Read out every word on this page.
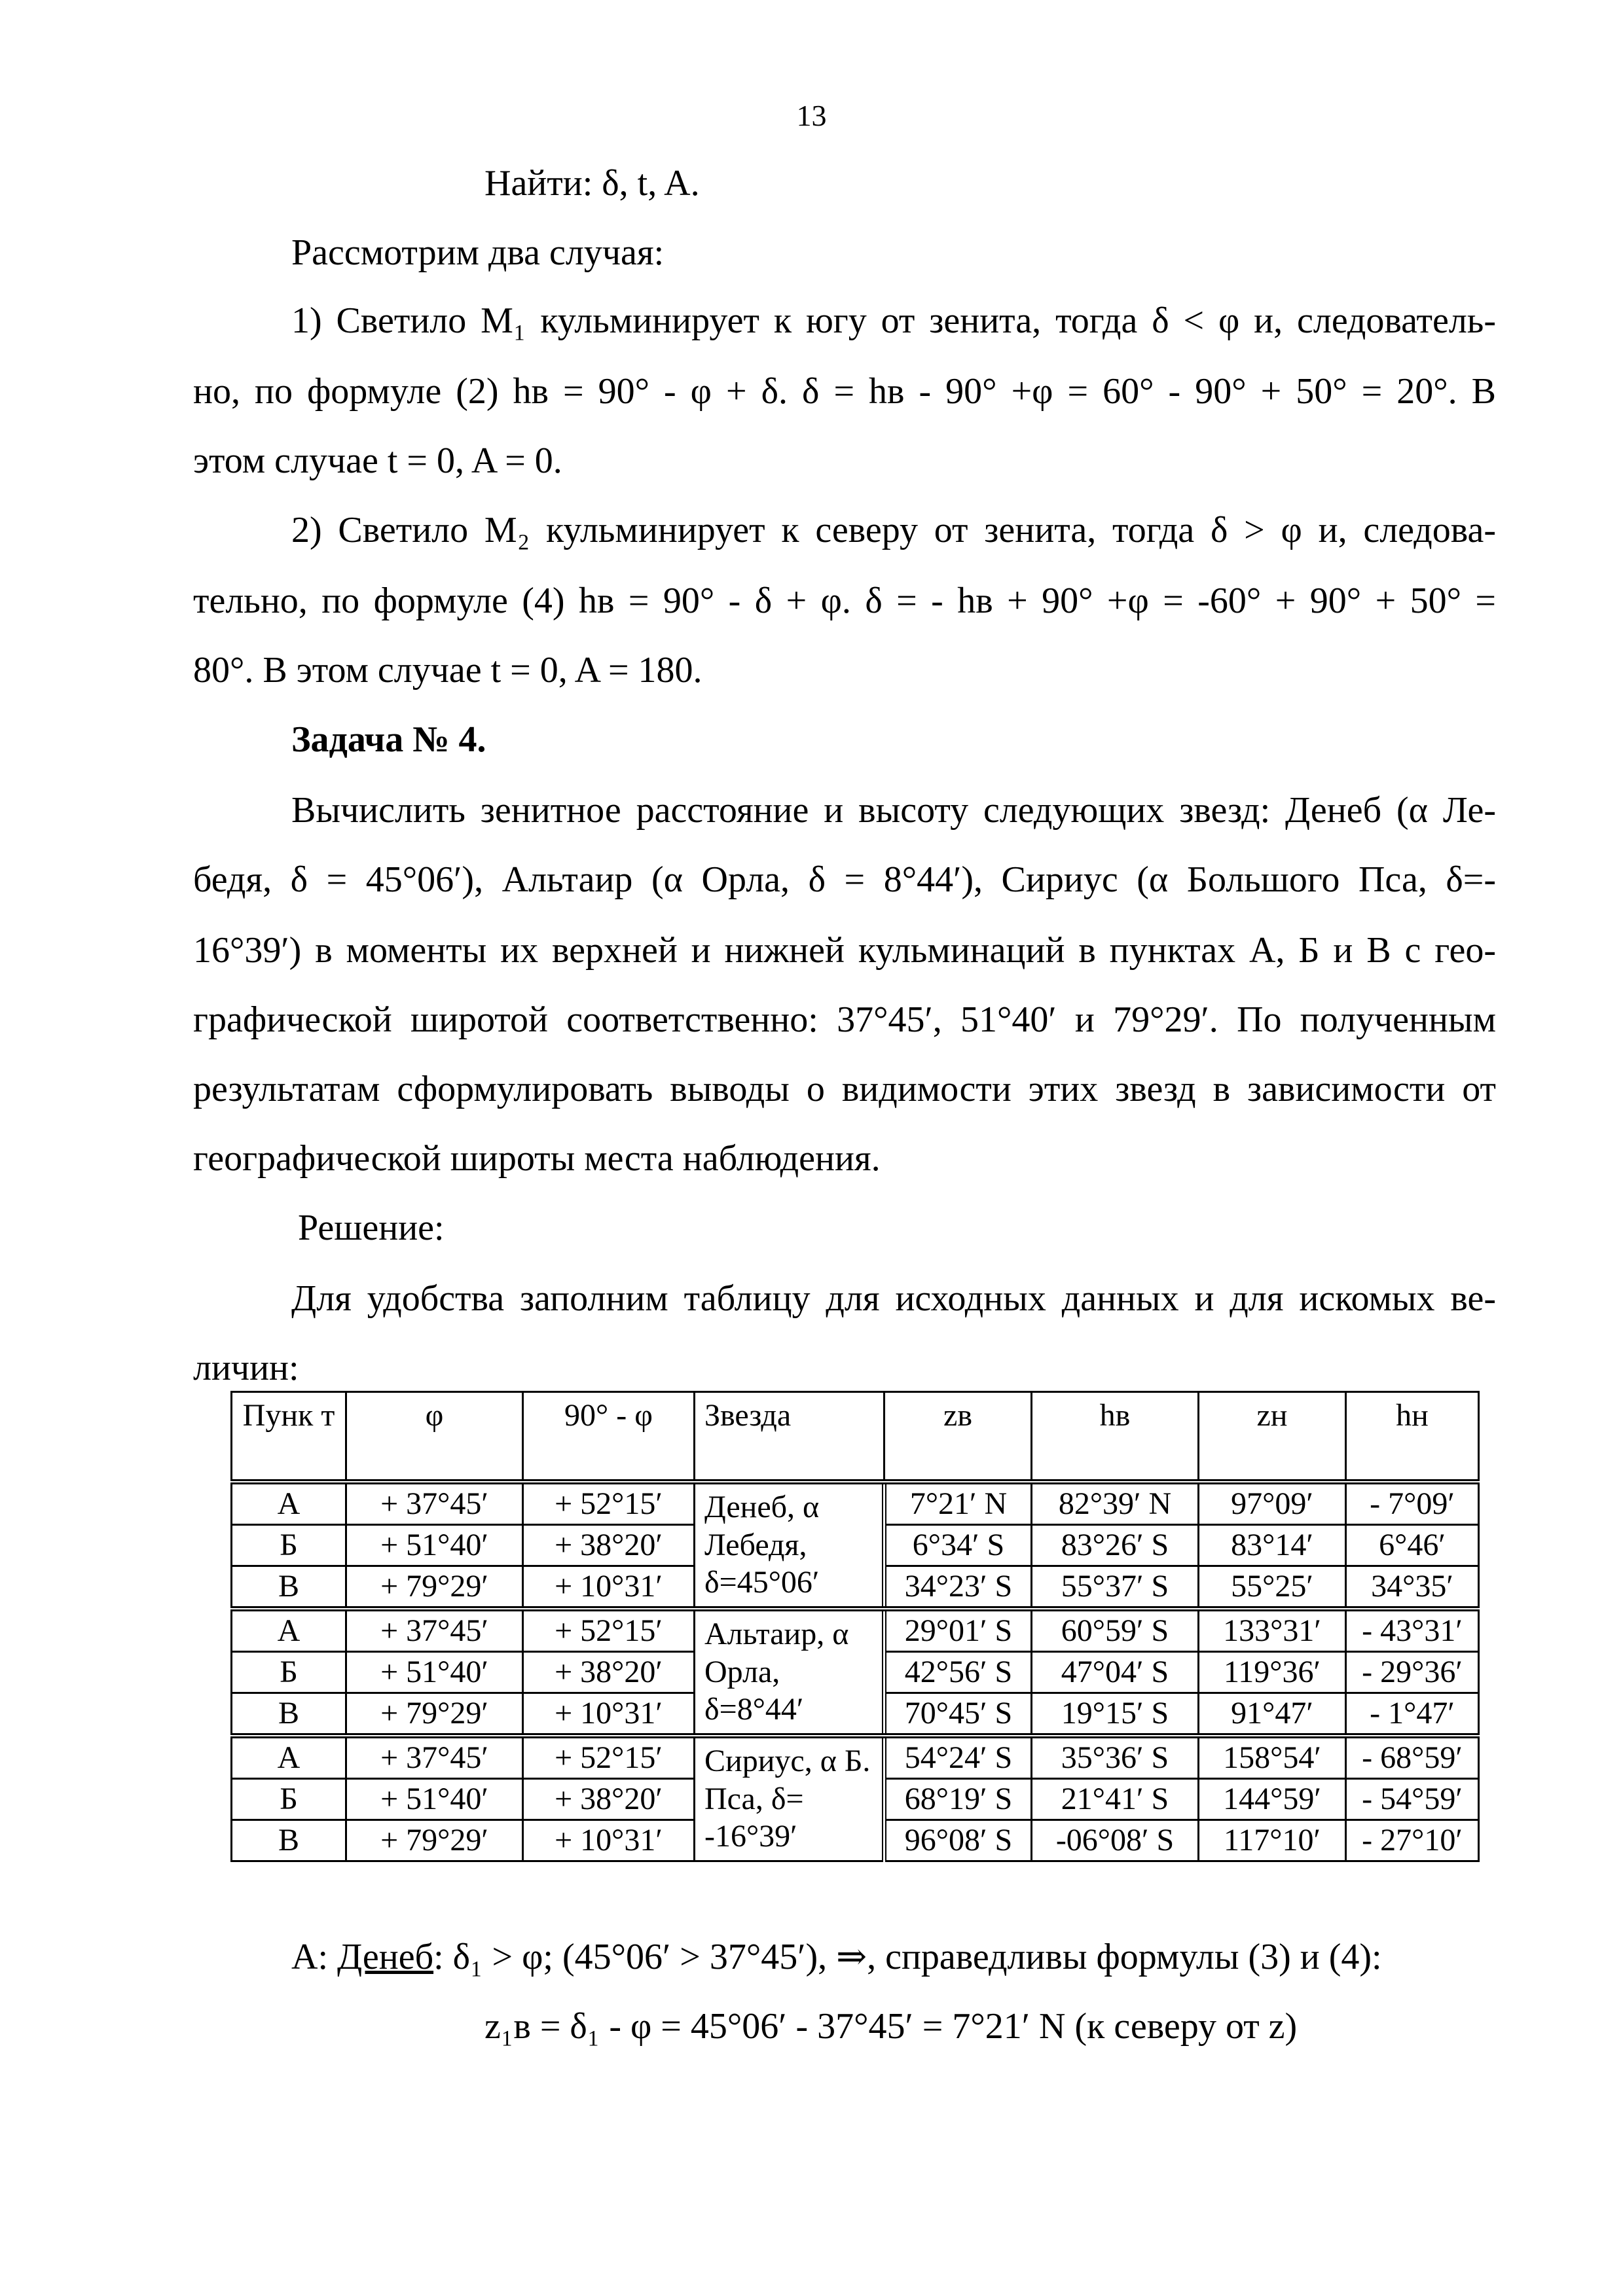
13
Найти: δ, t, A.
Рассмотрим два случая:
1) Светило M₁ кульминирует к югу от зенита, тогда δ < φ и, следователь-
но, по формуле (2) hв = 90° - φ + δ. δ = hв - 90° +φ = 60° - 90° + 50° = 20°. В
этом случае t = 0, A = 0.
2) Светило M₂ кульминирует к северу от зенита, тогда δ > φ и, следова-
тельно, по формуле (4) hв = 90° - δ + φ. δ = - hв + 90° +φ = -60° + 90° + 50° =
80°. В этом случае t = 0, A = 180.
Задача № 4.
Вычислить зенитное расстояние и высоту следующих звезд: Денеб (α Ле-
бедя, δ = 45°06′), Альтаир (α Орла, δ = 8°44′), Сириус (α Большого Пса, δ=-
16°39′) в моменты их верхней и нижней кульминаций в пунктах А, Б и В с гео-
графической широтой соответственно: 37°45′, 51°40′ и 79°29′. По полученным
результатам сформулировать выводы о видимости этих звезд в зависимости от
географической широты места наблюдения.
Решение:
Для удобства заполним таблицу для исходных данных и для искомых ве-
личин:
Пунк т	φ	90° - φ	Звезда	zв	hв	zн	hн
А	+ 37°45′	+ 52°15′	Денеб, α Лебедя, δ=45°06′	7°21′ N	82°39′ N	97°09′	- 7°09′
Б	+ 51°40′	+ 38°20′		6°34′ S	83°26′ S	83°14′	6°46′
В	+ 79°29′	+ 10°31′		34°23′ S	55°37′ S	55°25′	34°35′
А	+ 37°45′	+ 52°15′	Альтаир, α Орла, δ=8°44′	29°01′ S	60°59′ S	133°31′	- 43°31′
Б	+ 51°40′	+ 38°20′		42°56′ S	47°04′ S	119°36′	- 29°36′
В	+ 79°29′	+ 10°31′		70°45′ S	19°15′ S	91°47′	- 1°47′
А	+ 37°45′	+ 52°15′	Сириус, α Б. Пса, δ= -16°39′	54°24′ S	35°36′ S	158°54′	- 68°59′
Б	+ 51°40′	+ 38°20′		68°19′ S	21°41′ S	144°59′	- 54°59′
В	+ 79°29′	+ 10°31′		96°08′ S	-06°08′ S	117°10′	- 27°10′
А: Денеб: δ₁ > φ; (45°06′ > 37°45′), ⇒, справедливы формулы (3) и (4):
z₁в = δ₁ - φ = 45°06′ - 37°45′ = 7°21′ N (к северу от z)
